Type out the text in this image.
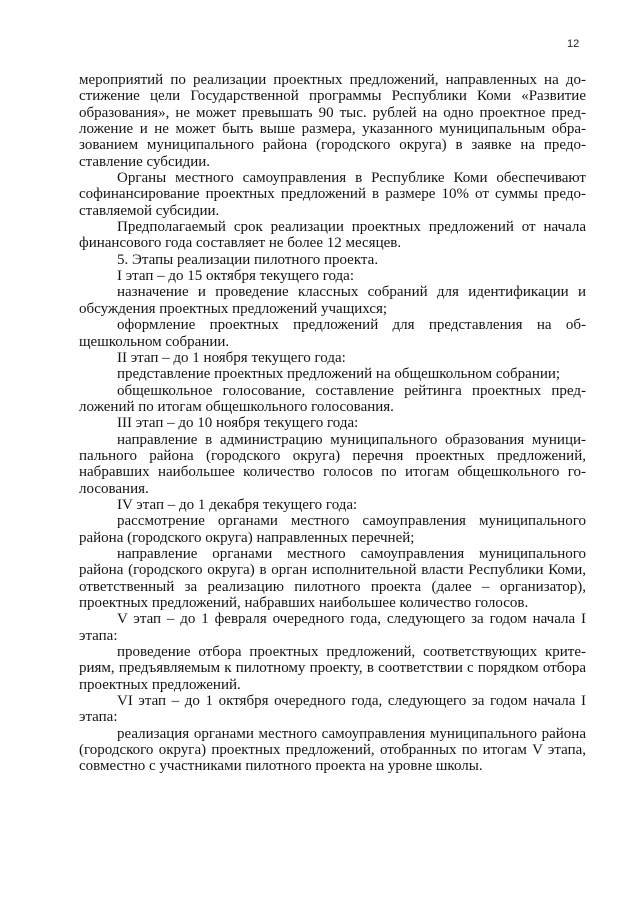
12

мероприятий по реализации проектных предложений, направленных на достижение цели Государственной программы Республики Коми «Развитие образования», не может превышать 90 тыс. рублей на одно проектное предложение и не может быть выше размера, указанного муниципальным образованием муниципального района (городского округа) в заявке на предоставление субсидии.

Органы местного самоуправления в Республике Коми обеспечивают софинансирование проектных предложений в размере 10% от суммы предоставляемой субсидии.

Предполагаемый срок реализации проектных предложений от начала финансового года составляет не более 12 месяцев.

5. Этапы реализации пилотного проекта.

I этап – до 15 октября текущего года:

назначение и проведение классных собраний для идентификации и обсуждения проектных предложений учащихся;

оформление проектных предложений для представления на общешкольном собрании.

II этап – до 1 ноября текущего года:

представление проектных предложений на общешкольном собрании;

общешкольное голосование, составление рейтинга проектных предложений по итогам общешкольного голосования.

III этап – до 10 ноября текущего года:

направление в администрацию муниципального образования муниципального района (городского округа) перечня проектных предложений, набравших наибольшее количество голосов по итогам общешкольного голосования.

IV этап – до 1 декабря текущего года:

рассмотрение органами местного самоуправления муниципального района (городского округа) направленных перечней;

направление органами местного самоуправления муниципального района (городского округа) в орган исполнительной власти Республики Коми, ответственный за реализацию пилотного проекта (далее – организатор), проектных предложений, набравших наибольшее количество голосов.

V этап – до 1 февраля очередного года, следующего за годом начала I этапа:

проведение отбора проектных предложений, соответствующих критериям, предъявляемым к пилотному проекту, в соответствии с порядком отбора проектных предложений.

VI этап – до 1 октября очередного года, следующего за годом начала I этапа:

реализация органами местного самоуправления муниципального района (городского округа) проектных предложений, отобранных по итогам V этапа, совместно с участниками пилотного проекта на уровне школы.
